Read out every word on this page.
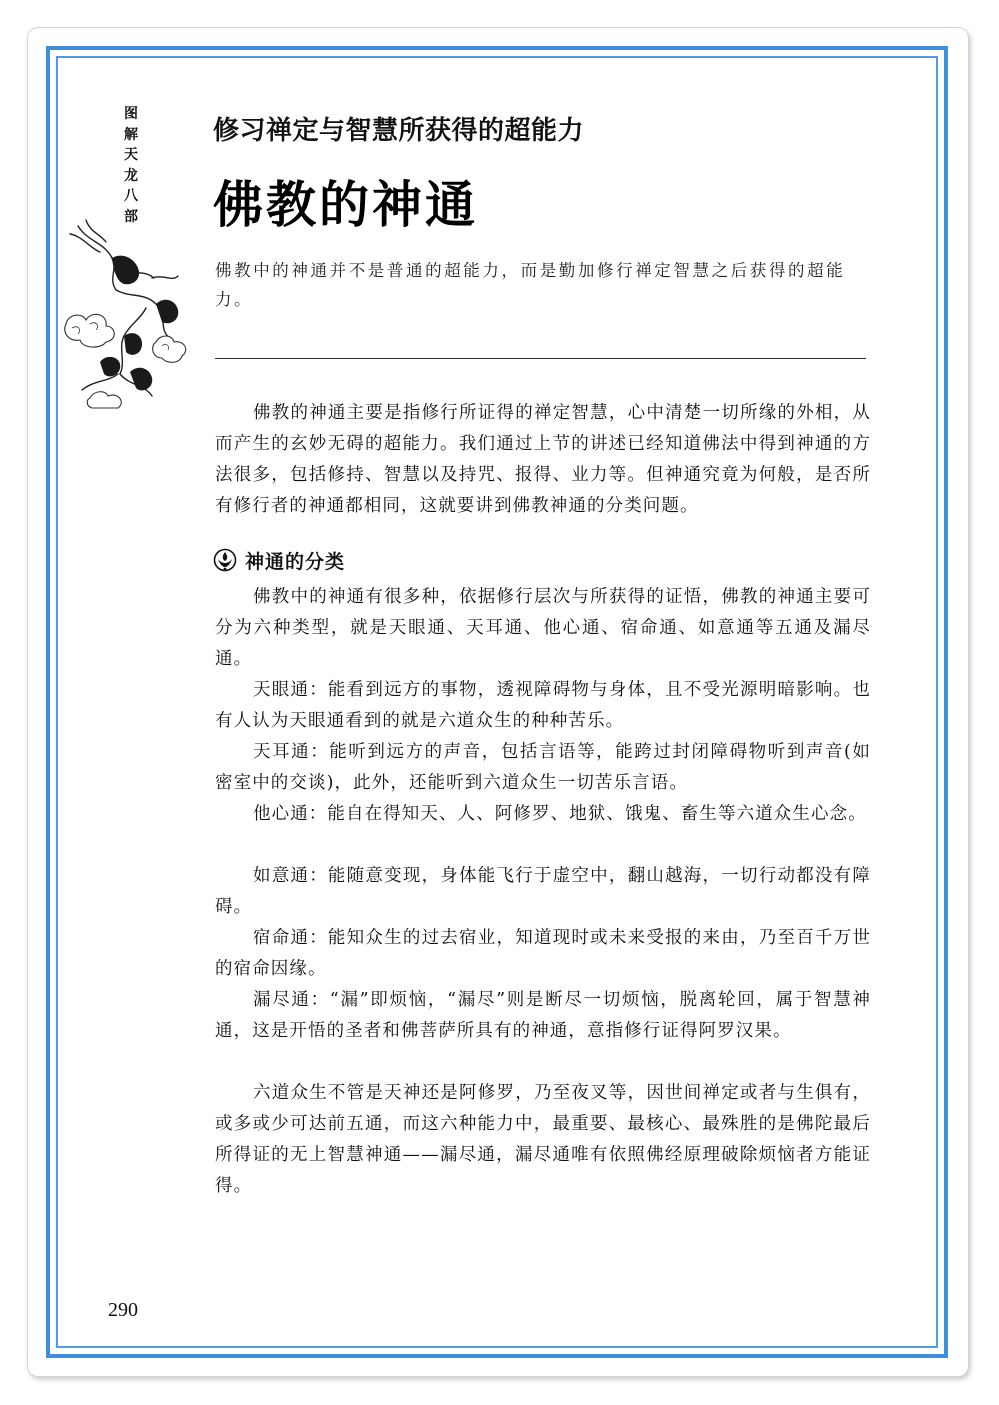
图
解
天
龙
八
部
修习禅定与智慧所获得的超能力
佛教的神通

佛教中的神通并不是普通的超能力，而是勤加修行禅定智慧之后获得的超能力。

佛教的神通主要是指修行所证得的禅定智慧，心中清楚一切所缘的外相，从而产生的玄妙无碍的超能力。我们通过上节的讲述已经知道佛法中得到神通的方法很多，包括修持、智慧以及持咒、报得、业力等。但神通究竟为何般，是否所有修行者的神通都相同，这就要讲到佛教神通的分类问题。

神通的分类

佛教中的神通有很多种，依据修行层次与所获得的证悟，佛教的神通主要可分为六种类型，就是天眼通、天耳通、他心通、宿命通、如意通等五通及漏尽通。

天眼通：能看到远方的事物，透视障碍物与身体，且不受光源明暗影响。也有人认为天眼通看到的就是六道众生的种种苦乐。

天耳通：能听到远方的声音，包括言语等，能跨过封闭障碍物听到声音(如密室中的交谈)，此外，还能听到六道众生一切苦乐言语。

他心通：能自在得知天、人、阿修罗、地狱、饿鬼、畜生等六道众生心念。

如意通：能随意变现，身体能飞行于虚空中，翻山越海，一切行动都没有障碍。

宿命通：能知众生的过去宿业，知道现时或未来受报的来由，乃至百千万世的宿命因缘。

漏尽通：“漏”即烦恼，“漏尽”则是断尽一切烦恼，脱离轮回，属于智慧神通，这是开悟的圣者和佛菩萨所具有的神通，意指修行证得阿罗汉果。

六道众生不管是天神还是阿修罗，乃至夜叉等，因世间禅定或者与生俱有，或多或少可达前五通，而这六种能力中，最重要、最核心、最殊胜的是佛陀最后所得证的无上智慧神通——漏尽通，漏尽通唯有依照佛经原理破除烦恼者方能证得。

290
